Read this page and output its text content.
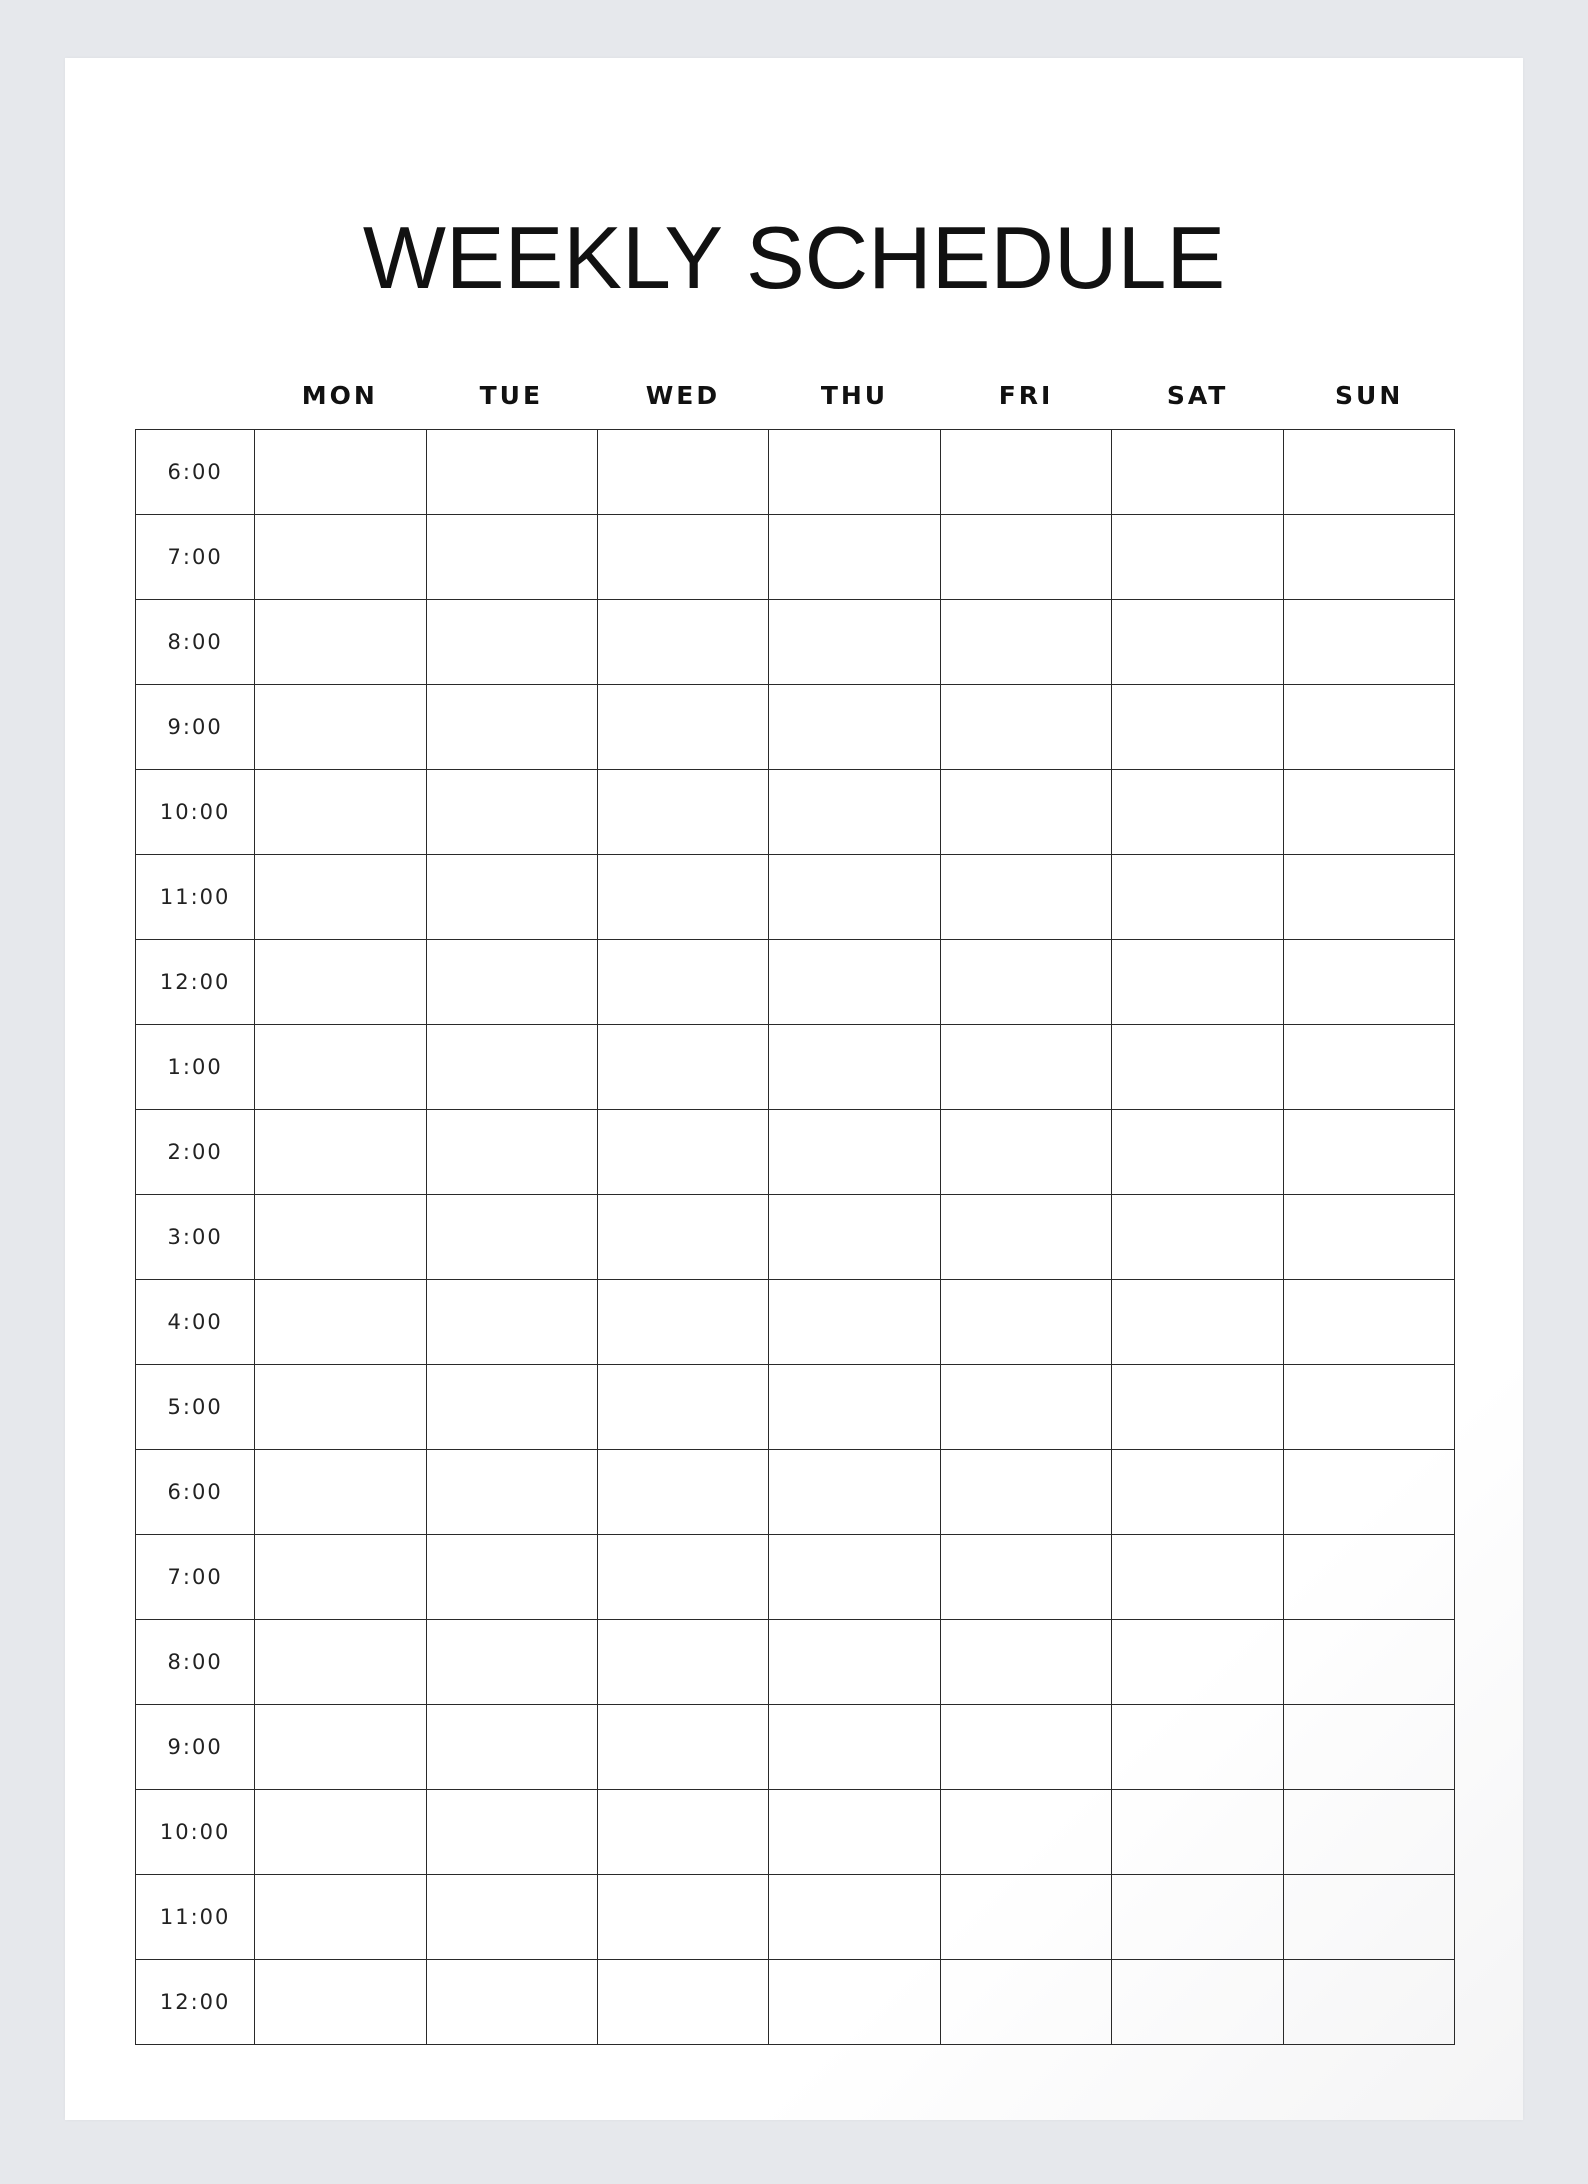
WEEKLY SCHEDULE
MON	TUE	WED	THU	FRI	SAT	SUN
6:00							
7:00							
8:00							
9:00							
10:00							
11:00							
12:00							
1:00							
2:00							
3:00							
4:00							
5:00							
6:00							
7:00							
8:00							
9:00							
10:00							
11:00							
12:00							
